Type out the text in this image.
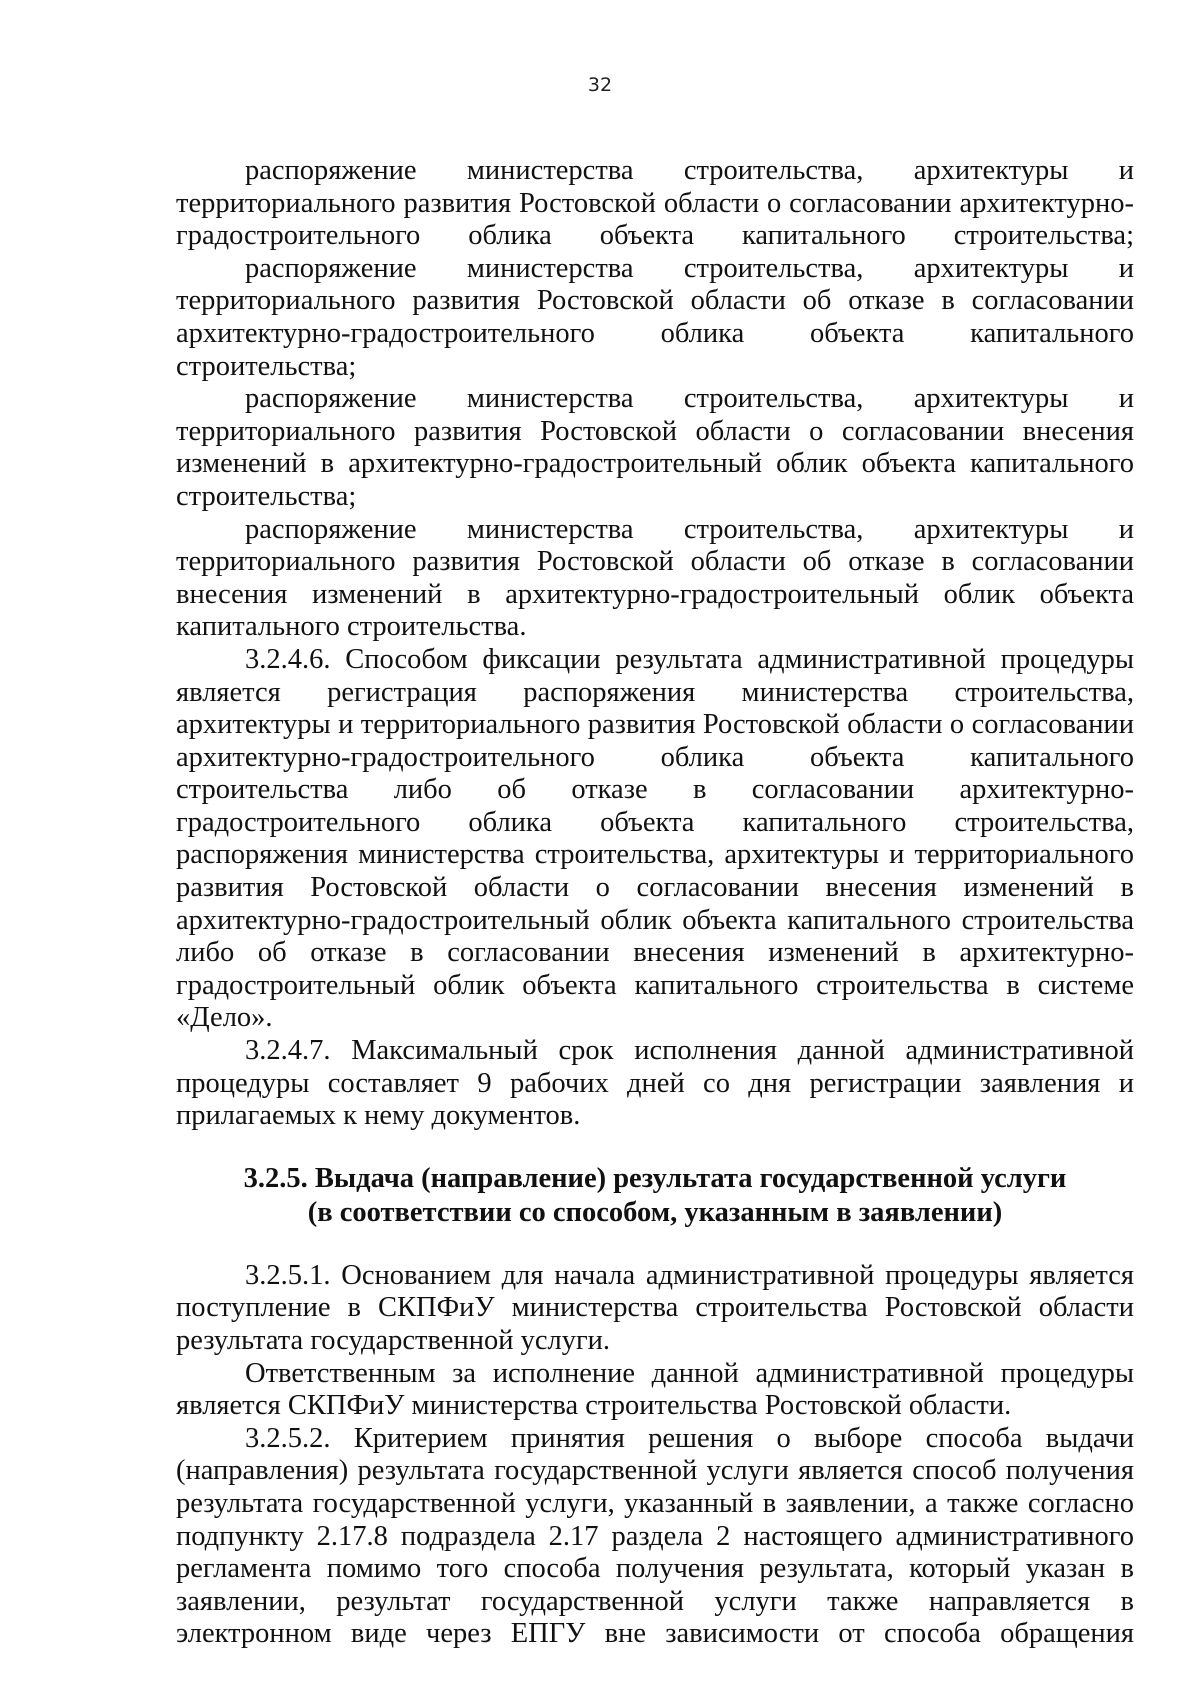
32

распоряжение министерства строительства, архитектуры и территориального развития Ростовской области о согласовании архитектурно-градостроительного облика объекта капитального строительства;

распоряжение министерства строительства, архитектуры и территориального развития Ростовской области об отказе в согласовании архитектурно-градостроительного облика объекта капитального строительства;

распоряжение министерства строительства, архитектуры и территориального развития Ростовской области о согласовании внесения изменений в архитектурно-градостроительный облик объекта капитального строительства;

распоряжение министерства строительства, архитектуры и территориального развития Ростовской области об отказе в согласовании внесения изменений в архитектурно-градостроительный облик объекта капитального строительства.

3.2.4.6. Способом фиксации результата административной процедуры является регистрация распоряжения министерства строительства, архитектуры и территориального развития Ростовской области о согласовании архитектурно-градостроительного облика объекта капитального строительства либо об отказе в согласовании архитектурно-градостроительного облика объекта капитального строительства, распоряжения министерства строительства, архитектуры и территориального развития Ростовской области о согласовании внесения изменений в архитектурно-градостроительный облик объекта капитального строительства либо об отказе в согласовании внесения изменений в архитектурно-градостроительный облик объекта капитального строительства в системе «Дело».

3.2.4.7. Максимальный срок исполнения данной административной процедуры составляет 9 рабочих дней со дня регистрации заявления и прилагаемых к нему документов.

3.2.5. Выдача (направление) результата государственной услуги
(в соответствии со способом, указанным в заявлении)

3.2.5.1. Основанием для начала административной процедуры является поступление в СКПФиУ министерства строительства Ростовской области результата государственной услуги.

Ответственным за исполнение данной административной процедуры является СКПФиУ министерства строительства Ростовской области.

3.2.5.2. Критерием принятия решения о выборе способа выдачи (направления) результата государственной услуги является способ получения результата государственной услуги, указанный в заявлении, а также согласно подпункту 2.17.8 подраздела 2.17 раздела 2 настоящего административного регламента помимо того способа получения результата, который указан в заявлении, результат государственной услуги также направляется в электронном виде через ЕПГУ вне зависимости от способа обращения
